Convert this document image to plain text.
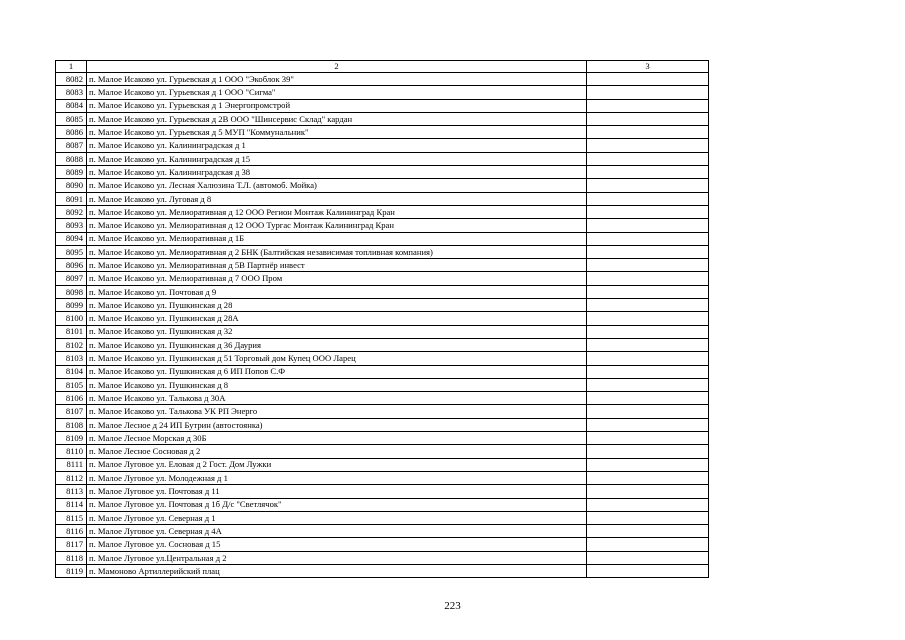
1	2	3
8082	п. Малое Исаково ул. Гурьевская д 1 ООО "Экоблок 39"	
8083	п. Малое Исаково ул. Гурьевская д 1 ООО "Сигма"	
8084	п. Малое Исаково ул. Гурьевская д 1 Энергопромстрой	
8085	п. Малое Исаково ул. Гурьевская д 2В ООО "Шинсервис Склад" кардан	
8086	п. Малое Исаково ул. Гурьевская д 5 МУП "Коммунальник"	
8087	п. Малое Исаково ул. Калининградская д 1	
8088	п. Малое Исаково ул. Калининградская д 15	
8089	п. Малое Исаково ул. Калининградская д 38	
8090	п. Малое Исаково ул. Лесная Халюзина Т.Л. (автомоб. Мойка)	
8091	п. Малое Исаково ул. Луговая д 8	
8092	п. Малое Исаково ул. Мелиоративная д 12 ООО Регион Монтаж Калининград Кран	
8093	п. Малое Исаково ул. Мелиоративная д 12 ООО Тургас Монтаж Калининград Кран	
8094	п. Малое Исаково ул. Мелиоративная д 1Б	
8095	п. Малое Исаково ул. Мелиоративная д 2 БНК (Балтийская независимая топливная компания)	
8096	п. Малое Исаково ул. Мелиоративная д 5В Партнёр инвест	
8097	п. Малое Исаково ул. Мелиоративная д 7 ООО Пром	
8098	п. Малое Исаково ул. Почтовая д 9	
8099	п. Малое Исаково ул. Пушкинская д 28	
8100	п. Малое Исаково ул. Пушкинская д 28А	
8101	п. Малое Исаково ул. Пушкинская д 32	
8102	п. Малое Исаково ул. Пушкинская д 36 Даурия	
8103	п. Малое Исаково ул. Пушкинская д 51 Торговый дом Купец ООО Ларец	
8104	п. Малое Исаково ул. Пушкинская д 6 ИП Попов С.Ф	
8105	п. Малое Исаково ул. Пушкинская д 8	
8106	п. Малое Исаково ул. Талькова д 30А	
8107	п. Малое Исаково ул. Талькова УК РП Энерго	
8108	п. Малое Лесное д 24 ИП Бутрин (автостоянка)	
8109	п. Малое Лесное Морская д 30Б	
8110	п. Малое Лесное Сосновая д 2	
8111	п. Малое Луговое ул. Еловая д 2 Гост. Дом Лужки	
8112	п. Малое Луговое ул. Молодежная д 1	
8113	п. Малое Луговое ул. Почтовая д 11	
8114	п. Малое Луговое ул. Почтовая д 1б Д/с "Светлячок"	
8115	п. Малое Луговое ул. Северная д 1	
8116	п. Малое Луговое ул. Северная д 4А	
8117	п. Малое Луговое ул. Сосновая д 15	
8118	п. Малое Луговое ул.Центральная д 2	
8119	п. Мамоново Артиллерийский плац	
223
